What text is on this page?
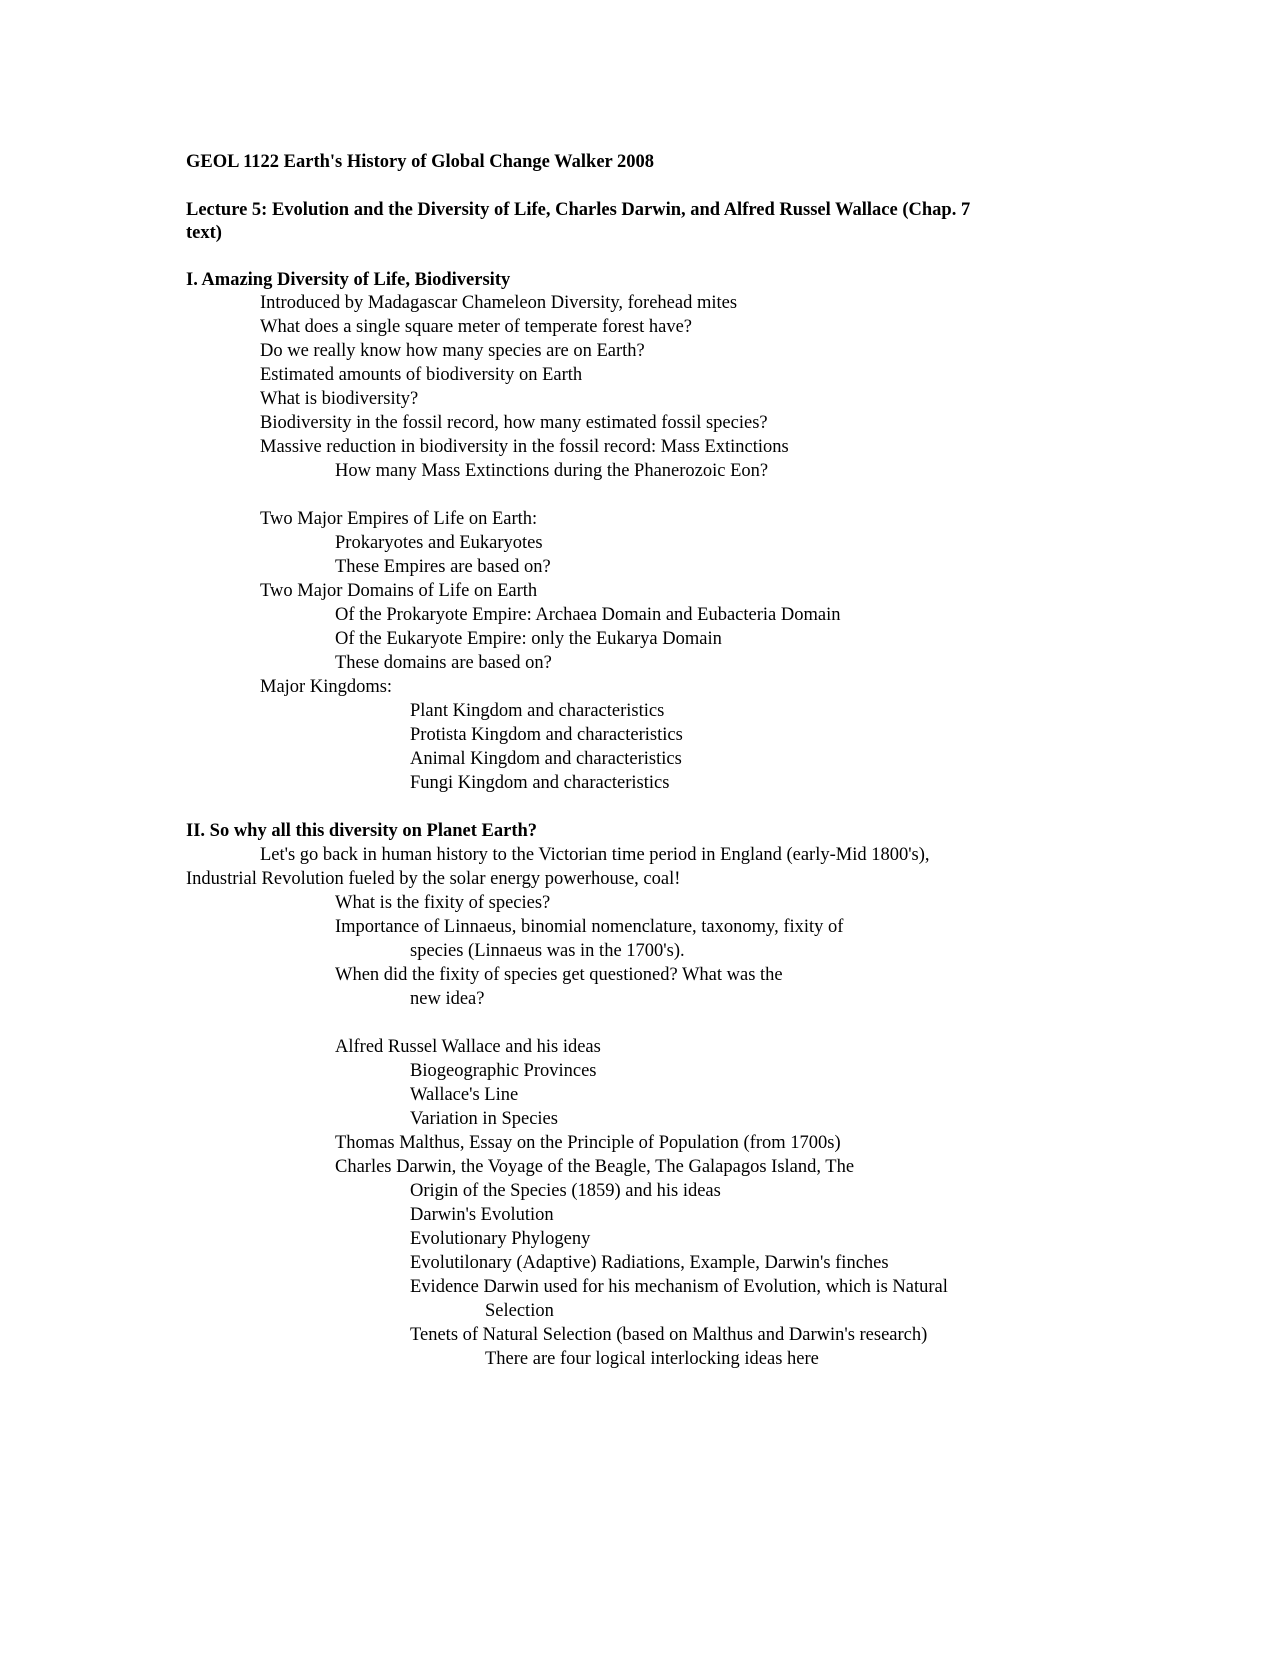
GEOL 1122 Earth's History of Global Change Walker 2008
Lecture 5: Evolution and the Diversity of Life, Charles Darwin, and Alfred Russel Wallace (Chap. 7
text)
I. Amazing Diversity of Life, Biodiversity
Introduced by Madagascar Chameleon Diversity, forehead mites
What does a single square meter of temperate forest have?
Do we really know how many species are on Earth?
Estimated amounts of biodiversity on Earth
What is biodiversity?
Biodiversity in the fossil record, how many estimated fossil species?
Massive reduction in biodiversity in the fossil record: Mass Extinctions
How many Mass Extinctions during the Phanerozoic Eon?
Two Major Empires of Life on Earth:
Prokaryotes and Eukaryotes
These Empires are based on?
Two Major Domains of Life on Earth
Of the Prokaryote Empire: Archaea Domain and Eubacteria Domain
Of the Eukaryote Empire: only the Eukarya Domain
These domains are based on?
Major Kingdoms:
Plant Kingdom and characteristics
Protista Kingdom and characteristics
Animal Kingdom and characteristics
Fungi Kingdom and characteristics
II. So why all this diversity on Planet Earth?
Let's go back in human history to the Victorian time period in England (early-Mid 1800's),
Industrial Revolution fueled by the solar energy powerhouse, coal!
What is the fixity of species?
Importance of Linnaeus, binomial nomenclature, taxonomy, fixity of
species (Linnaeus was in the 1700's).
When did the fixity of species get questioned? What was the
new idea?
Alfred Russel Wallace and his ideas
Biogeographic Provinces
Wallace's Line
Variation in Species
Thomas Malthus, Essay on the Principle of Population (from 1700s)
Charles Darwin, the Voyage of the Beagle, The Galapagos Island, The
Origin of the Species (1859) and his ideas
Darwin's Evolution
Evolutionary Phylogeny
Evolutilonary (Adaptive) Radiations, Example, Darwin's finches
Evidence Darwin used for his mechanism of Evolution, which is Natural
Selection
Tenets of Natural Selection (based on Malthus and Darwin's research)
There are four logical interlocking ideas here
